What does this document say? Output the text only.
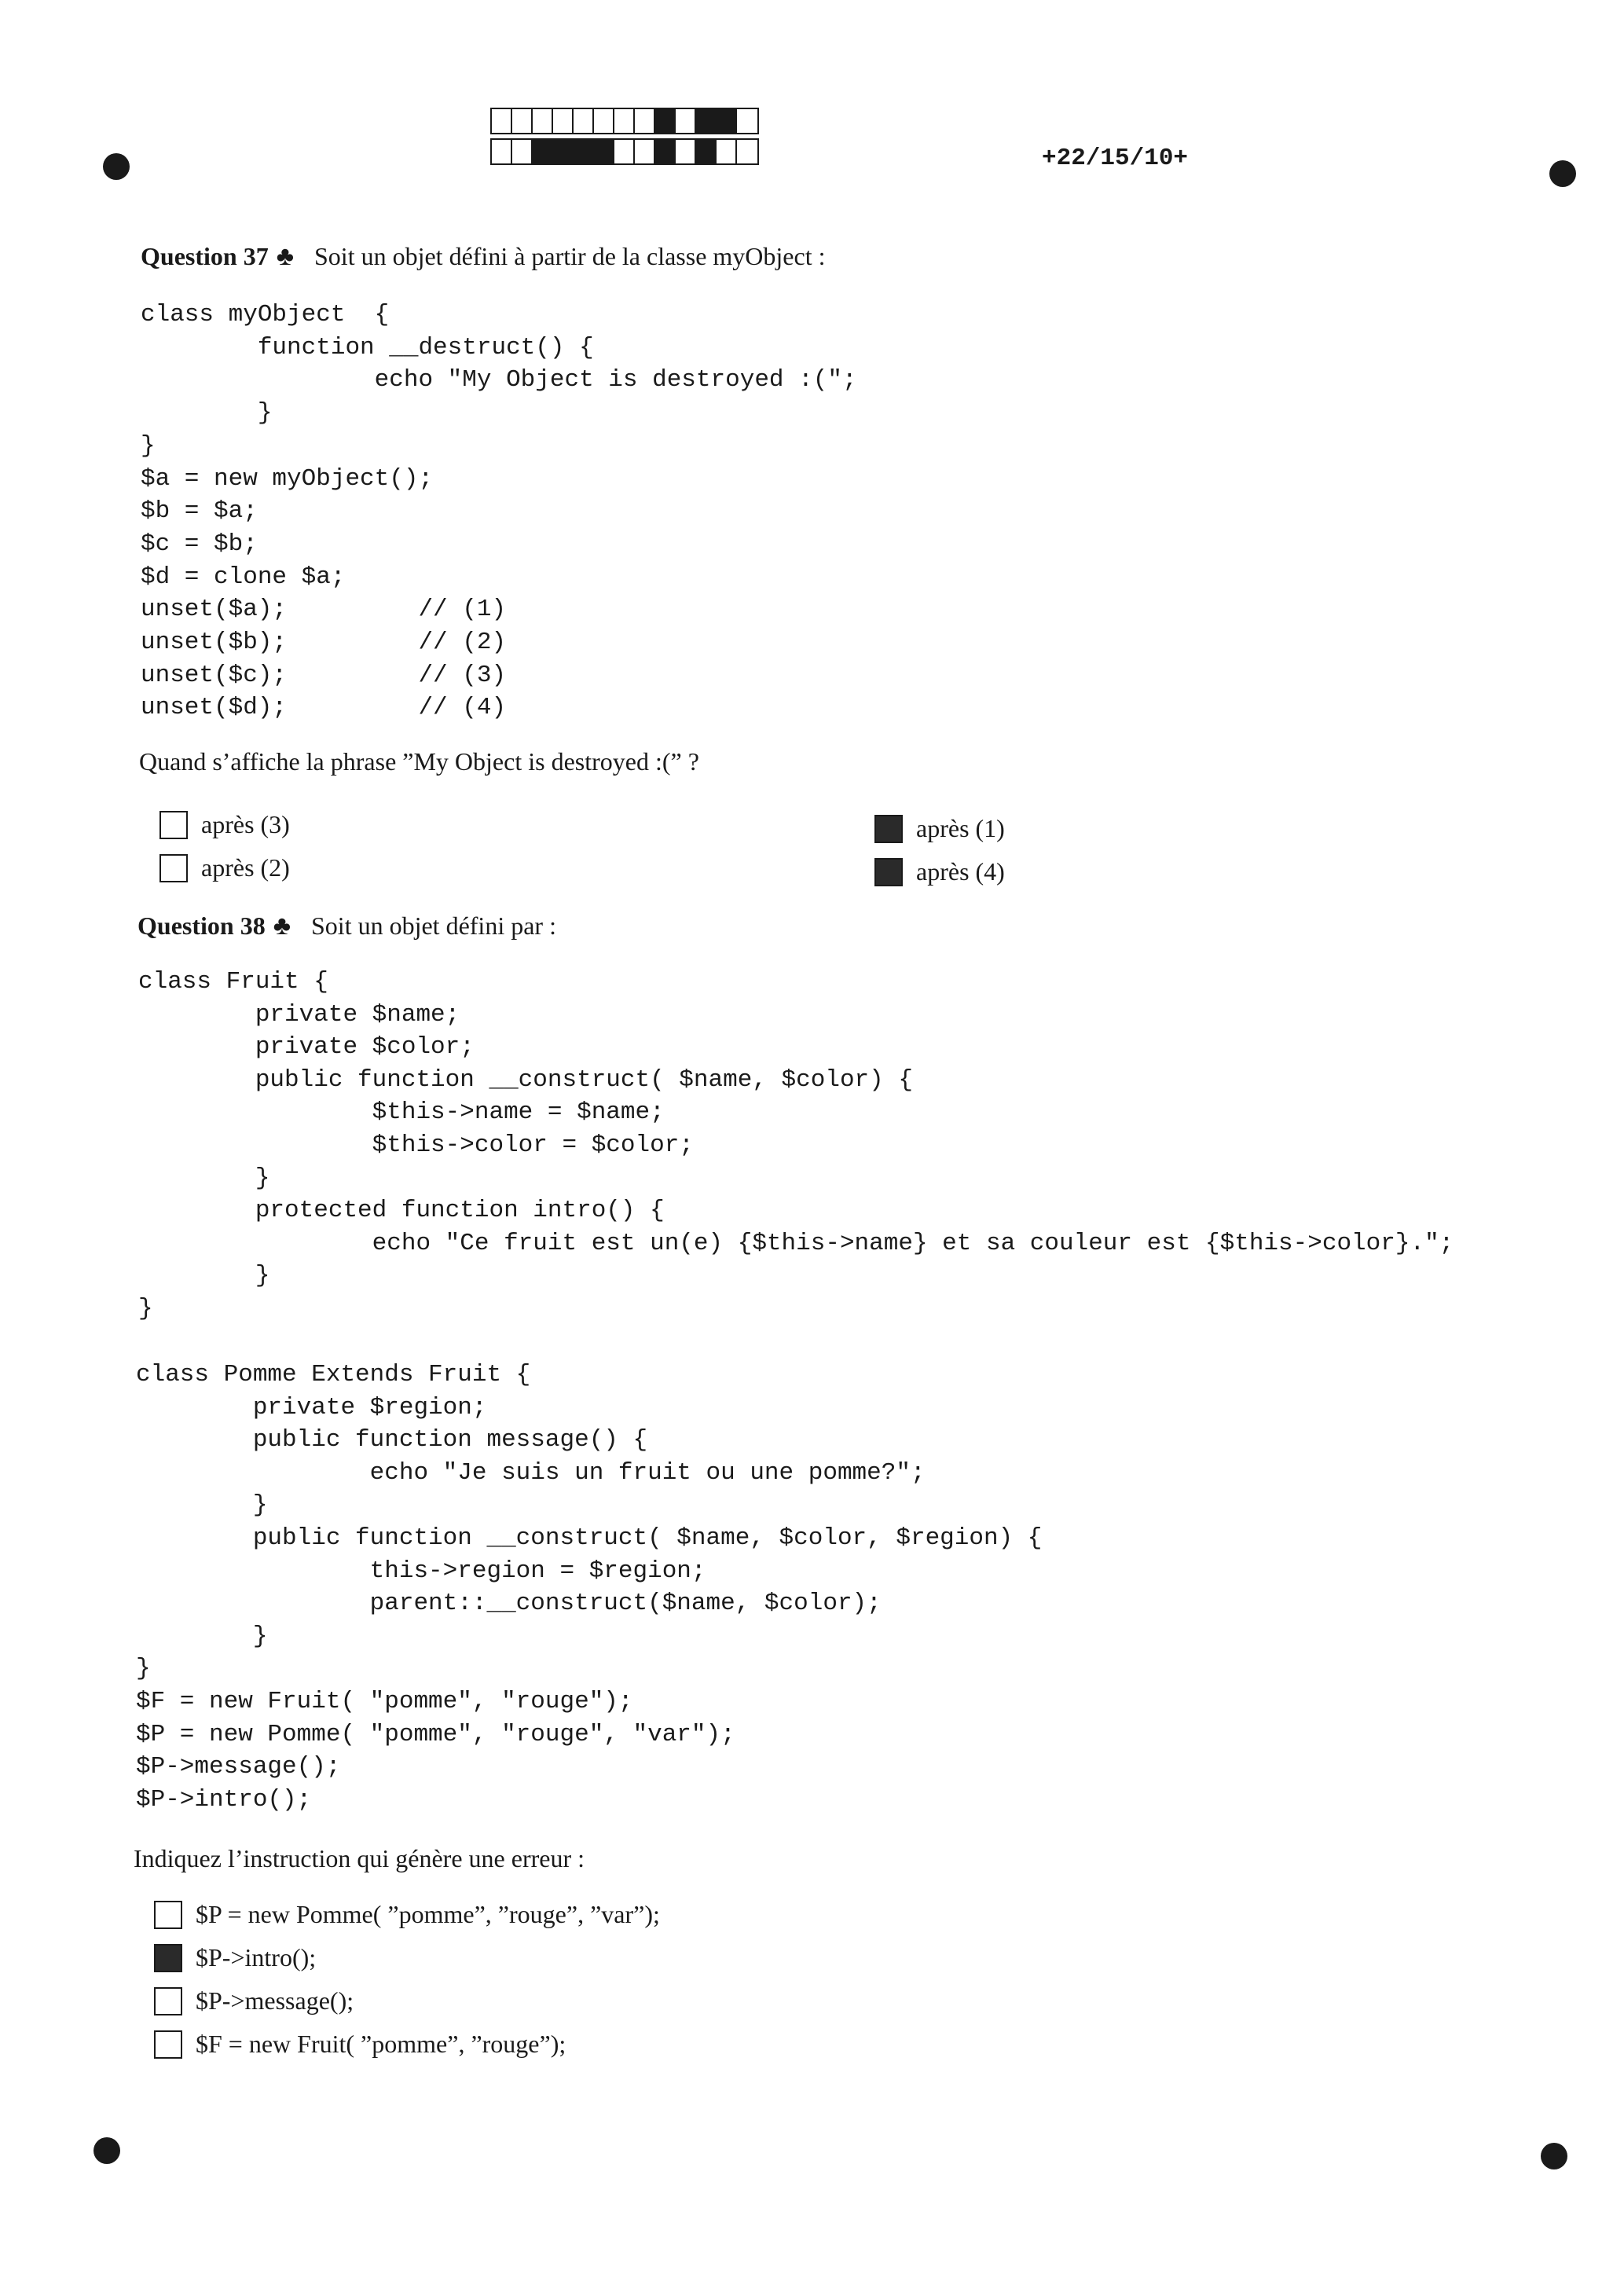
+22/15/10+
Question 37 ♣ Soit un objet défini à partir de la classe myObject :
class myObject  {
function __destruct() {
echo "My Object is destroyed :(";
}
}
$a = new myObject();
$b = $a;
$c = $b;
$d = clone $a;
unset($a);         // (1)
unset($b);         // (2)
unset($c);         // (3)
unset($d);         // (4)
Quand s’affiche la phrase ”My Object is destroyed :(” ?
après (3)
après (2)
après (1)
après (4)
Question 38 ♣ Soit un objet défini par :
class Fruit {
private $name;
private $color;
public function __construct( $name, $color) {
$this->name = $name;
$this->color = $color;
}
protected function intro() {
echo "Ce fruit est un(e) {$this->name} et sa couleur est {$this->color}.";
}
}
class Pomme Extends Fruit {
private $region;
public function message() {
echo "Je suis un fruit ou une pomme?";
}
public function __construct( $name, $color, $region) {
this->region = $region;
parent::__construct($name, $color);
}
}
$F = new Fruit( "pomme", "rouge");
$P = new Pomme( "pomme", "rouge", "var");
$P->message();
$P->intro();
Indiquez l’instruction qui génère une erreur :
$P = new Pomme( ”pomme”, ”rouge”, ”var”);
$P->intro();
$P->message();
$F = new Fruit( ”pomme”, ”rouge”);
